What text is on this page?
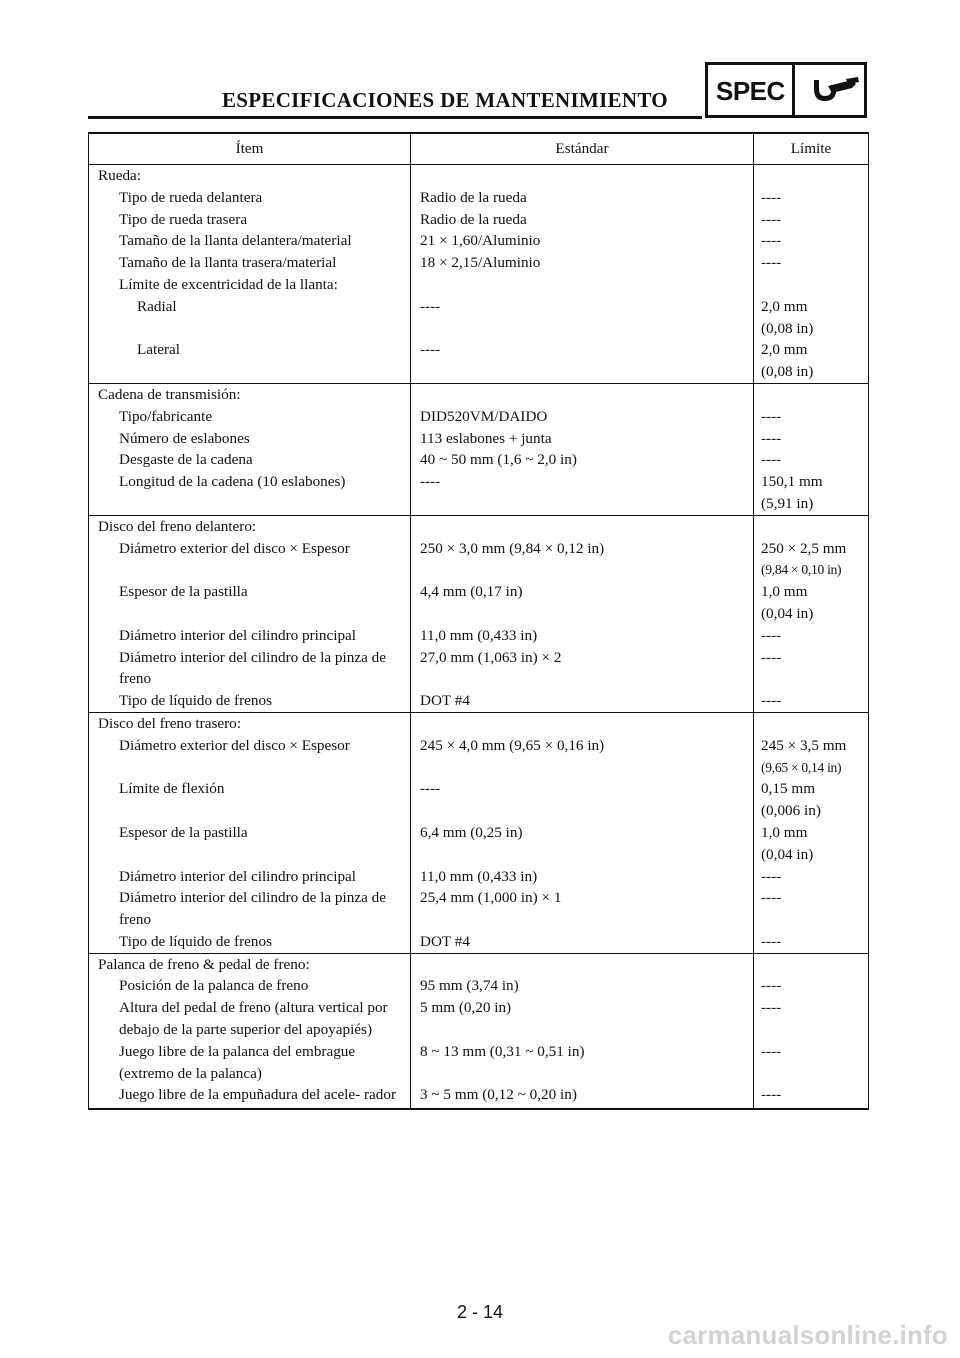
ESPECIFICACIONES DE MANTENIMIENTO SPEC
Ítem	Estándar	Límite
Rueda:		
Tipo de rueda delantera	Radio de la rueda	----
Tipo de rueda trasera	Radio de la rueda	----
Tamaño de la llanta delantera/material	21 × 1,60/Aluminio	----
Tamaño de la llanta trasera/material	18 × 2,15/Aluminio	----
Límite de excentricidad de la llanta:		
Radial	----	2,0 mm
(0,08 in)

Lateral	----	2,0 mm
(0,08 in)

Cadena de transmisión:		
Tipo/fabricante	DID520VM/DAIDO	----
Número de eslabones	113 eslabones + junta	----
Desgaste de la cadena	40 ~ 50 mm (1,6 ~ 2,0 in)	----
Longitud de la cadena (10 eslabones)	----	150,1 mm
(5,91 in)

Disco del freno delantero:		
Diámetro exterior del disco × Espesor	250 × 3,0 mm (9,84 × 0,12 in)	250 × 2,5 mm
(9,84 × 0,10 in)

Espesor de la pastilla	4,4 mm (0,17 in)	1,0 mm
(0,04 in)

Diámetro interior del cilindro principal	11,0 mm (0,433 in)	----
Diámetro interior del cilindro de la pinza de freno	27,0 mm (1,063 in) × 2	----
Tipo de líquido de frenos	DOT #4	----
Disco del freno trasero:		
Diámetro exterior del disco × Espesor	245 × 4,0 mm (9,65 × 0,16 in)	245 × 3,5 mm
(9,65 × 0,14 in)

Límite de flexión	----	0,15 mm
(0,006 in)

Espesor de la pastilla	6,4 mm (0,25 in)	1,0 mm
(0,04 in)

Diámetro interior del cilindro principal	11,0 mm (0,433 in)	----
Diámetro interior del cilindro de la pinza de freno	25,4 mm (1,000 in) × 1	----
Tipo de líquido de frenos	DOT #4	----
Palanca de freno & pedal de freno:		
Posición de la palanca de freno	95 mm (3,74 in)	----
Altura del pedal de freno (altura vertical por debajo de la parte superior del apoyapiés)	5 mm (0,20 in)	----
Juego libre de la palanca del embrague (extremo de la palanca)	8 ~ 13 mm (0,31 ~ 0,51 in)	----
Juego libre de la empuñadura del acele- rador	3 ~ 5 mm (0,12 ~ 0,20 in)	----
2 - 14
carmanualsonline.info
